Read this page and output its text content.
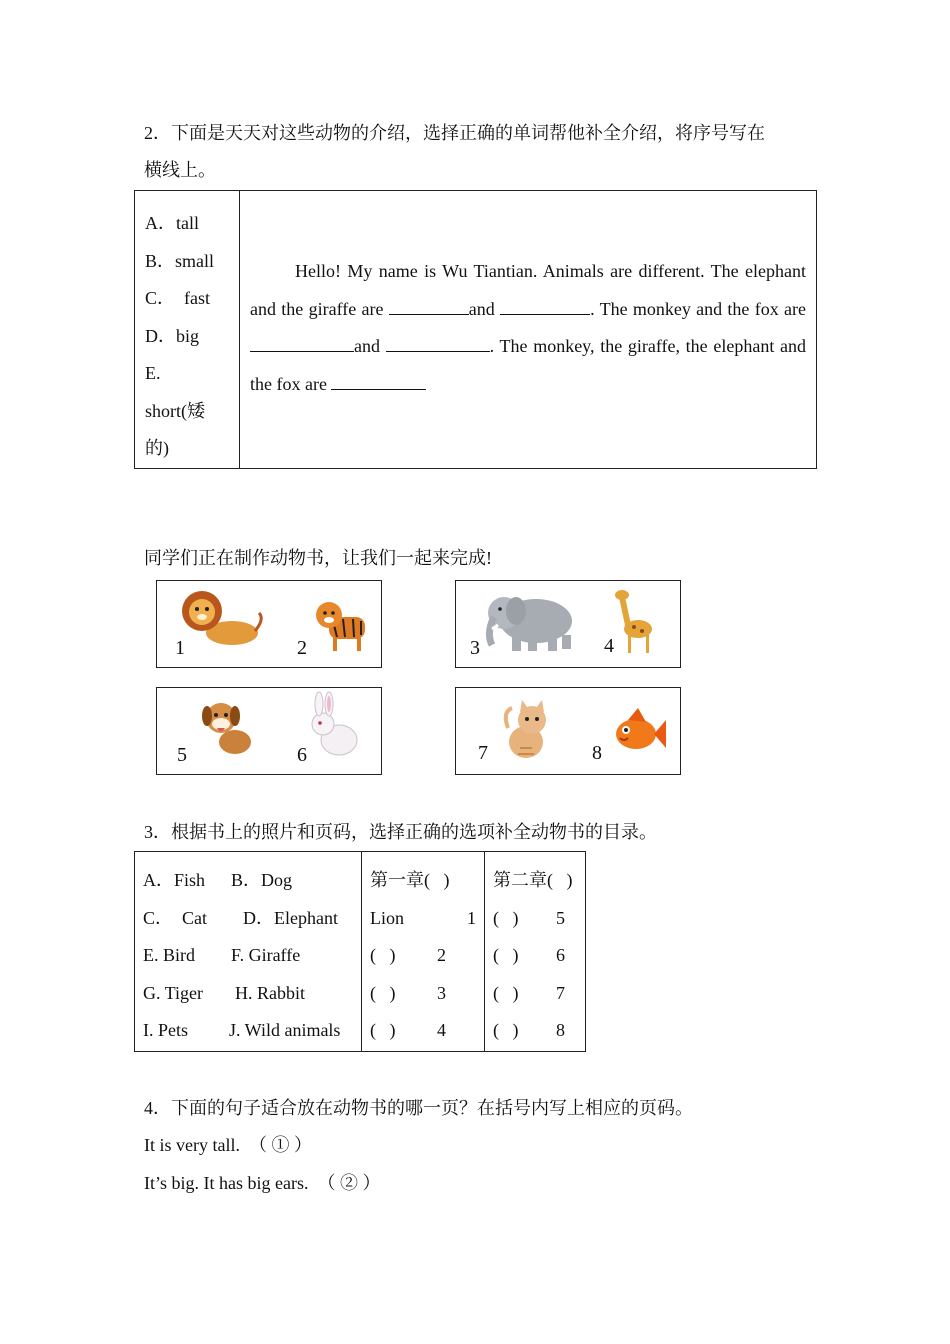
2．下面是天天对这些动物的介绍，选择正确的单词帮他补全介绍，将序号写在
横线上。
A．tall
B．small
C．  fast
D．big
E.
short(矮
的)
	Hello! My name is Wu Tiantian. Animals are different. The elephant and the giraffe are	and	. The monkey and the fox are and	. The monkey, the giraffe, the elephant and the fox are
同学们正在制作动物书，让我们一起来完成!
1	2	3	4
5	6	7	8
3．根据书上的照片和页码，选择正确的选项补全动物书的目录。
A．Fish	B．Dog
C．  Cat	D．Elephant
E. Bird	F. Giraffe
G. Tiger	H. Rabbit
I. Pets	J. Wild animals

第一章(   )
Lion	1
(   ) 2
(   ) 3
(   ) 4

第二章(   )
(   ) 5
(   ) 6
(   ) 7
(   ) 8
4．下面的句子适合放在动物书的哪一页？在括号内写上相应的页码。
It is very tall.  （ ① ）
It’s big. It has big ears.  （ ② ）
